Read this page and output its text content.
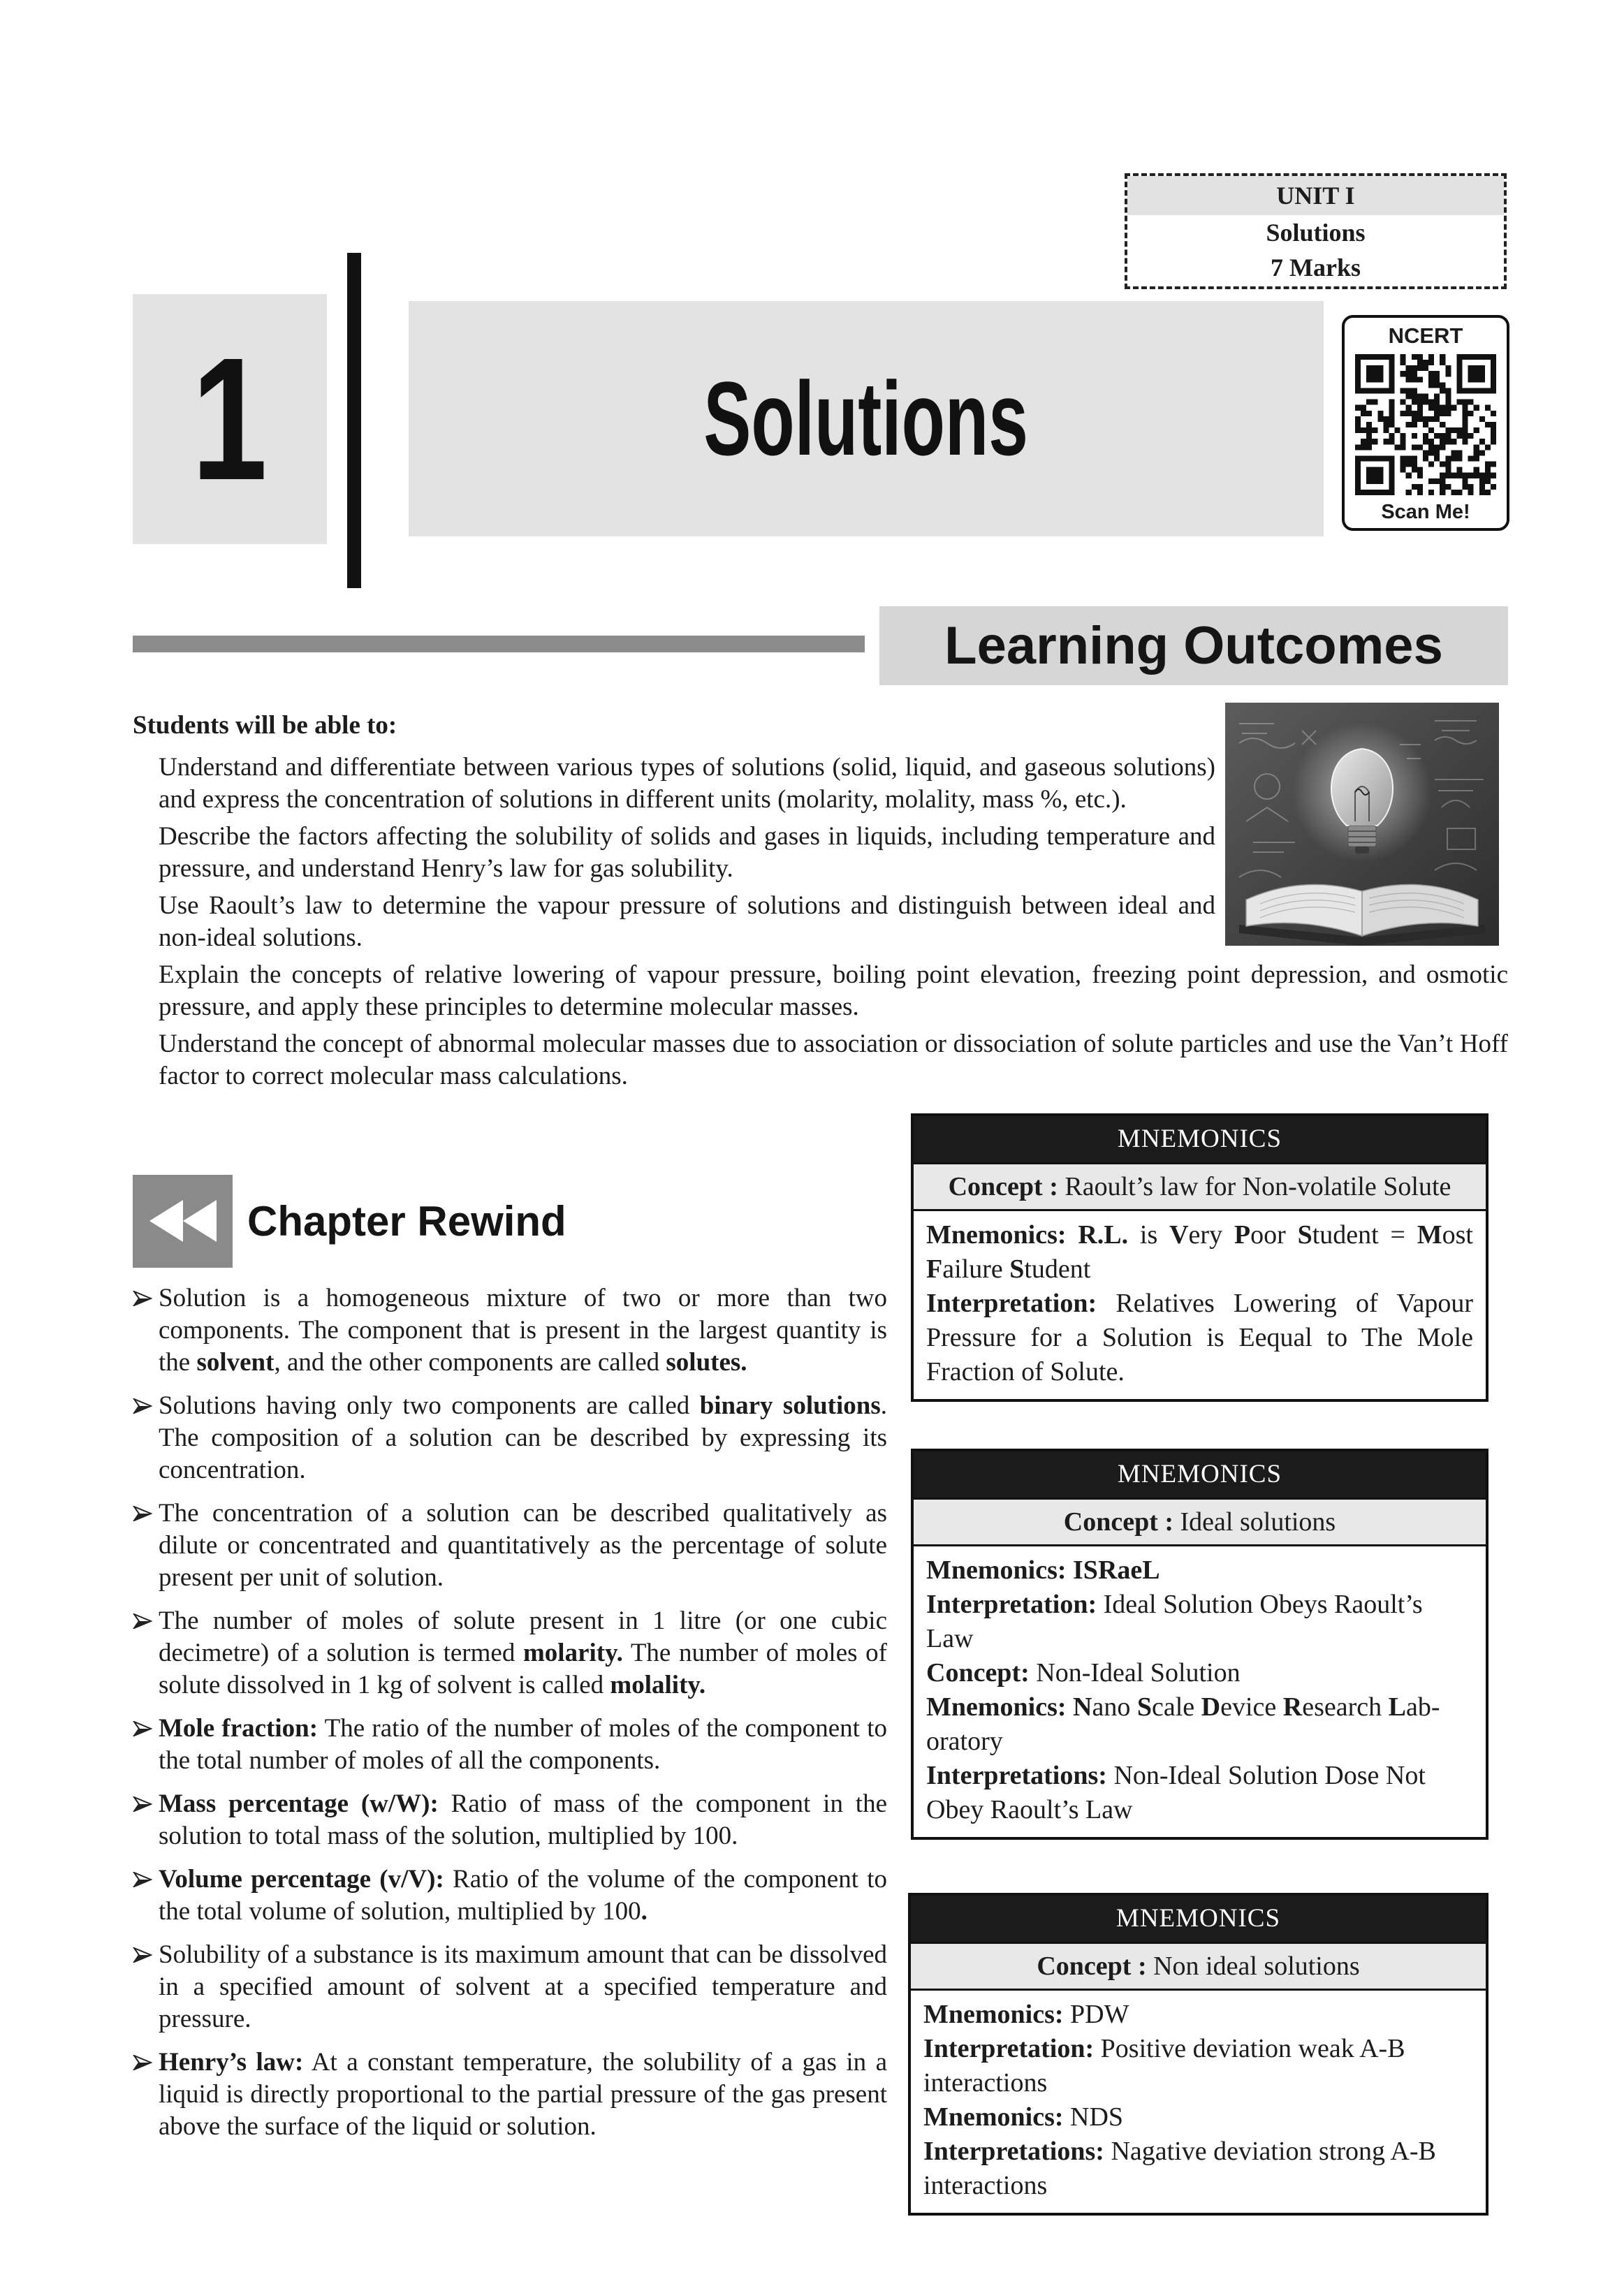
UNIT I
Solutions
7 Marks
1	Solutions
NCERT
Scan Me!
Learning Outcomes
Students will be able to:

Understand and differentiate between various types of solutions (solid, liquid, and gaseous solutions) and express the concentration of solutions in different units (molarity, molality, mass %, etc.).

Describe the factors affecting the solubility of solids and gases in liquids, including temperature and pressure, and understand Henry’s law for gas solubility.

Use Raoult’s law to determine the vapour pressure of solutions and distinguish between ideal and non-ideal solutions.

Explain the concepts of relative lowering of vapour pressure, boiling point elevation, freezing point depression, and osmotic pressure, and apply these principles to determine molecular masses.

Understand the concept of abnormal molecular masses due to association or dissociation of solute particles and use the Van’t Hoff factor to correct molecular mass calculations.

Chapter Rewind
Solution is a homogeneous mixture of two or more than two components. The component that is present in the largest quantity is the solvent, and the other components are called solutes.
Solutions having only two components are called binary solutions. The composition of a solution can be described by expressing its concentration.
The concentration of a solution can be described qualitatively as dilute or concentrated and quantitatively as the percentage of solute present per unit of solution.
The number of moles of solute present in 1 litre (or one cubic decimetre) of a solution is termed molarity. The number of moles of solute dissolved in 1 kg of solvent is called molality.
Mole fraction: The ratio of the number of moles of the component to the total number of moles of all the components.
Mass percentage (w/W): Ratio of mass of the component in the solution to total mass of the solution, multiplied by 100.
Volume percentage (v/V): Ratio of the volume of the component to the total volume of solution, multiplied by 100.
Solubility of a substance is its maximum amount that can be dissolved in a specified amount of solvent at a specified temperature and pressure.
Henry’s law: At a constant temperature, the solubility of a gas in a liquid is directly proportional to the partial pressure of the gas present above the surface of the liquid or solution.
MNEMONICS
Concept : Raoult’s law for Non-volatile Solute
Mnemonics: R.L. is Very Poor Student = Most Failure Student
Interpretation: Relatives Lowering of Vapour Pressure for a Solution is Eequal to The Mole Fraction of Solute.
MNEMONICS
Concept : Ideal solutions
Mnemonics: ISRaeL
Interpretation: Ideal Solution Obeys Raoult’s Law
Concept: Non-Ideal Solution
Mnemonics: Nano Scale Device Research Laboratory
Interpretations: Non-Ideal Solution Dose Not Obey Raoult’s Law
MNEMONICS
Concept : Non ideal solutions
Mnemonics: PDW
Interpretation: Positive deviation weak A-B interactions
Mnemonics: NDS
Interpretations: Nagative deviation strong A-B interactions
